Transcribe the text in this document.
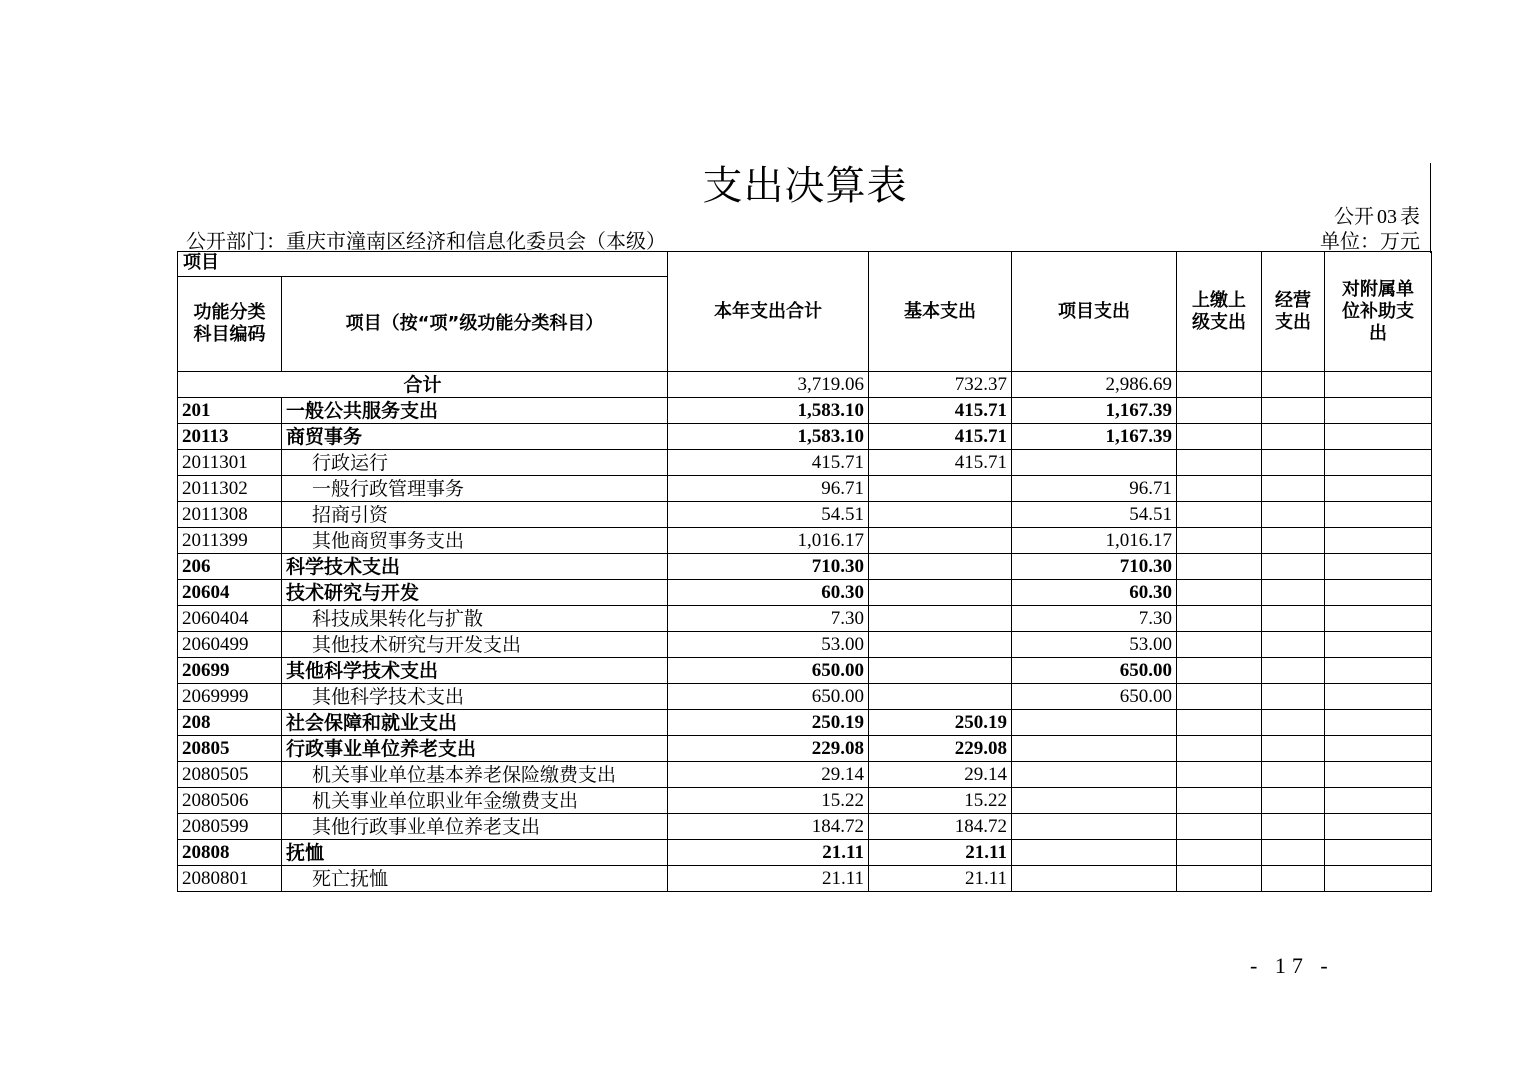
支出决算表
公开 03 表
公开部门：重庆市潼南区经济和信息化委员会（本级）	单位：万元
项目		本年支出合计	基本支出	项目支出	上缴上级支出	经营支出	对附属单位补助支出
功能分类科目编码	项目（按“项”级功能分类科目）						
合计		3,719.06	732.37	2,986.69			
201	一般公共服务支出	1,583.10	415.71	1,167.39			
20113	商贸事务	1,583.10	415.71	1,167.39			
2011301	行政运行	415.71	415.71				
2011302	一般行政管理事务	96.71		96.71			
2011308	招商引资	54.51		54.51			
2011399	其他商贸事务支出	1,016.17		1,016.17			
206	科学技术支出	710.30		710.30			
20604	技术研究与开发	60.30		60.30			
2060404	科技成果转化与扩散	7.30		7.30			
2060499	其他技术研究与开发支出	53.00		53.00			
20699	其他科学技术支出	650.00		650.00			
2069999	其他科学技术支出	650.00		650.00			
208	社会保障和就业支出	250.19	250.19				
20805	行政事业单位养老支出	229.08	229.08				
2080505	机关事业单位基本养老保险缴费支出	29.14	29.14				
2080506	机关事业单位职业年金缴费支出	15.22	15.22				
2080599	其他行政事业单位养老支出	184.72	184.72				
20808	抚恤	21.11	21.11				
2080801	死亡抚恤	21.11	21.11				
- 17 -
